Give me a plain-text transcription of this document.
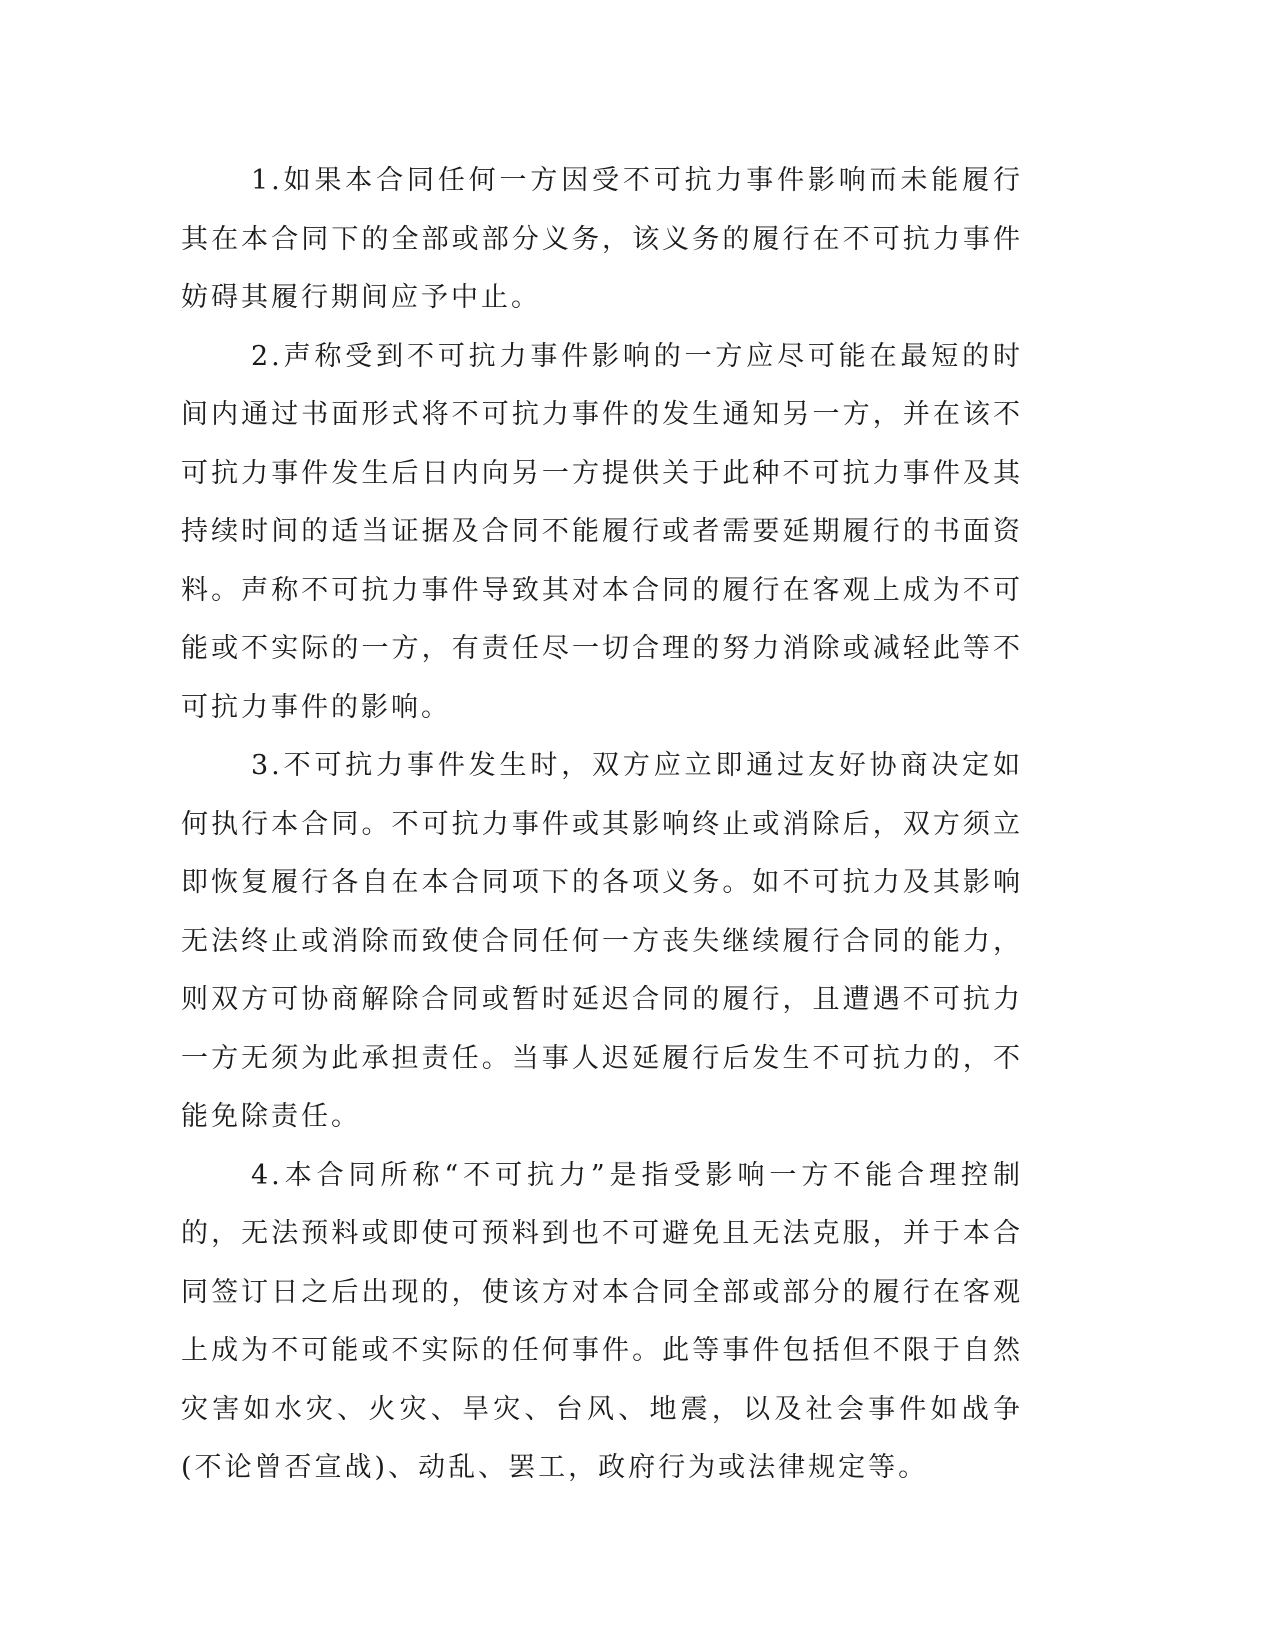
1.如果本合同任何一方因受不可抗力事件影响而未能履行其在本合同下的全部或部分义务，该义务的履行在不可抗力事件妨碍其履行期间应予中止。

2.声称受到不可抗力事件影响的一方应尽可能在最短的时间内通过书面形式将不可抗力事件的发生通知另一方，并在该不可抗力事件发生后日内向另一方提供关于此种不可抗力事件及其持续时间的适当证据及合同不能履行或者需要延期履行的书面资料。声称不可抗力事件导致其对本合同的履行在客观上成为不可能或不实际的一方，有责任尽一切合理的努力消除或减轻此等不可抗力事件的影响。

3.不可抗力事件发生时，双方应立即通过友好协商决定如何执行本合同。不可抗力事件或其影响终止或消除后，双方须立即恢复履行各自在本合同项下的各项义务。如不可抗力及其影响无法终止或消除而致使合同任何一方丧失继续履行合同的能力，则双方可协商解除合同或暂时延迟合同的履行，且遭遇不可抗力一方无须为此承担责任。当事人迟延履行后发生不可抗力的，不能免除责任。

4.本合同所称“不可抗力”是指受影响一方不能合理控制的，无法预料或即使可预料到也不可避免且无法克服，并于本合同签订日之后出现的，使该方对本合同全部或部分的履行在客观上成为不可能或不实际的任何事件。此等事件包括但不限于自然灾害如水灾、火灾、旱灾、台风、地震，以及社会事件如战争(不论曾否宣战)、动乱、罢工，政府行为或法律规定等。
